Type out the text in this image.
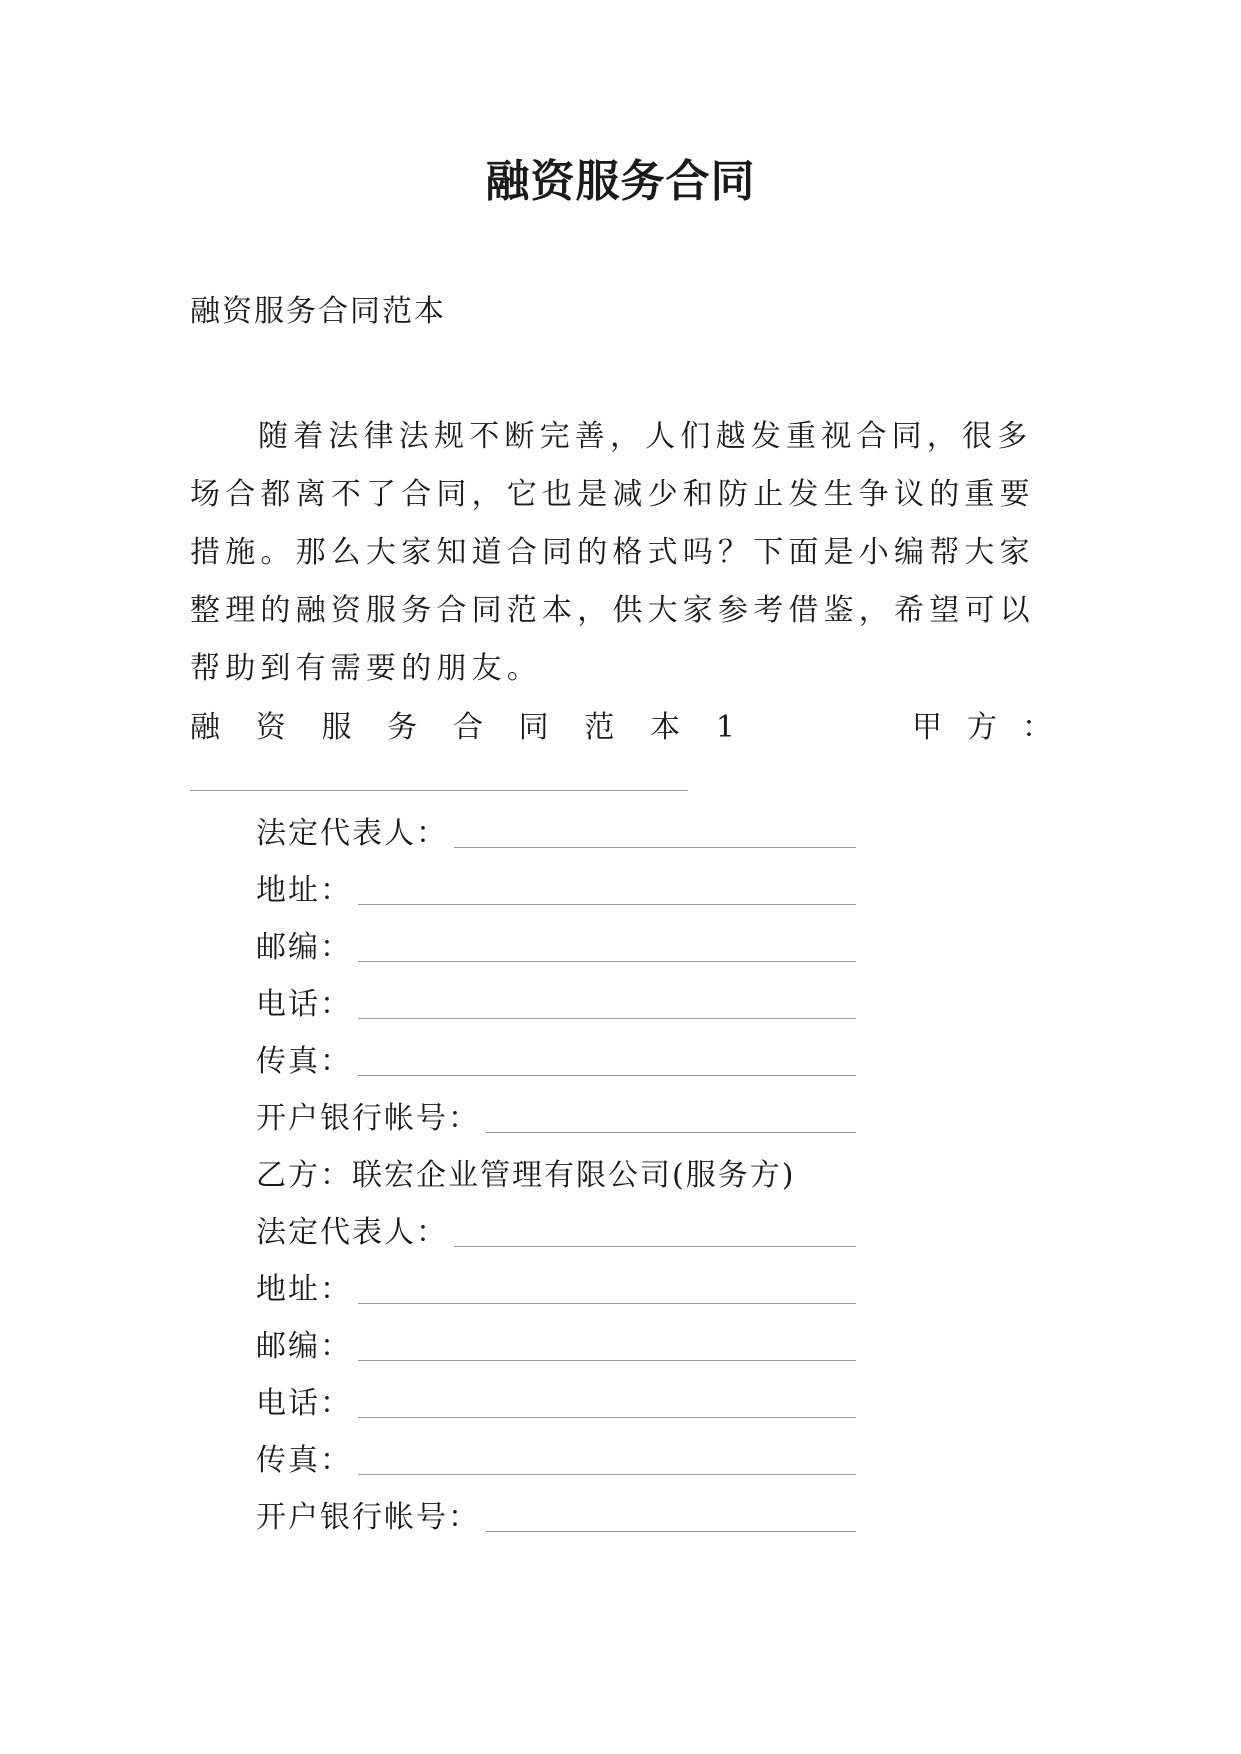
融资服务合同

融资服务合同范本

随着法律法规不断完善，人们越发重视合同，很多场合都离不了合同，它也是减少和防止发生争议的重要措施。那么大家知道合同的格式吗？下面是小编帮大家整理的融资服务合同范本，供大家参考借鉴，希望可以帮助到有需要的朋友。

融 资 服 务 合 同 范 本 1	甲 方 ：
法定代表人：
地址：
邮编：
电话：
传真：
开户银行帐号：
乙方：联宏企业管理有限公司(服务方)
法定代表人：
地址：
邮编：
电话：
传真：
开户银行帐号：
